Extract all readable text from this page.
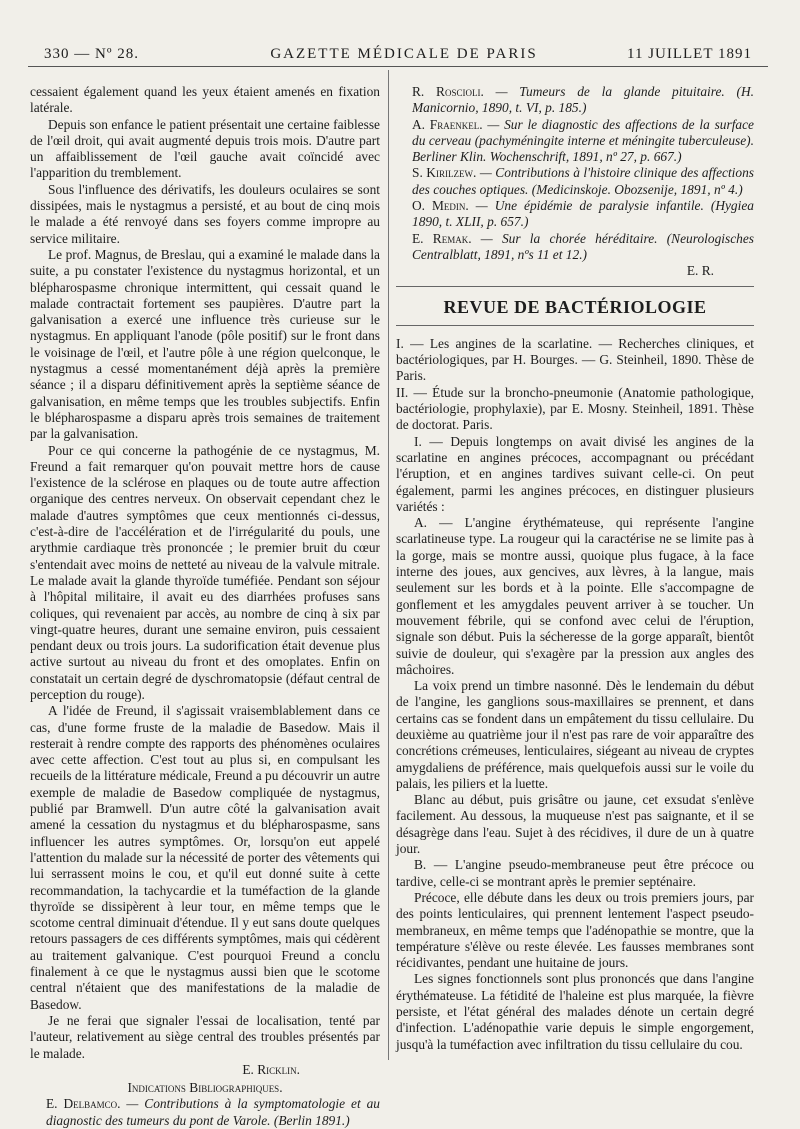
330 — Nº 28.	GAZETTE MÉDICALE DE PARIS	11 JUILLET 1891

cessaient également quand les yeux étaient amenés en fixation latérale.

Depuis son enfance le patient présentait une certaine faiblesse de l'œil droit, qui avait augmenté depuis trois mois. D'autre part un affaiblissement de l'œil gauche avait coïncidé avec l'apparition du tremblement.

Sous l'influence des dérivatifs, les douleurs oculaires se sont dissipées, mais le nystagmus a persisté, et au bout de cinq mois le malade a été renvoyé dans ses foyers comme impropre au service militaire.

Le prof. Magnus, de Breslau, qui a examiné le malade dans la suite, a pu constater l'existence du nystagmus horizontal, et un blépharospasme chronique intermittent, qui cessait quand le malade contractait fortement ses paupières. D'autre part la galvanisation a exercé une influence très curieuse sur le nystagmus. En appliquant l'anode (pôle positif) sur le front dans le voisinage de l'œil, et l'autre pôle à une région quelconque, le nystagmus a cessé momentanément déjà après la première séance ; il a disparu définitivement après la septième séance de galvanisation, en même temps que les troubles subjectifs. Enfin le blépharospasme a disparu après trois semaines de traitement par la galvanisation.

Pour ce qui concerne la pathogénie de ce nystagmus, M. Freund a fait remarquer qu'on pouvait mettre hors de cause l'existence de la sclérose en plaques ou de toute autre affection organique des centres nerveux. On observait cependant chez le malade d'autres symptômes que ceux mentionnés ci-dessus, c'est-à-dire de l'accélération et de l'irrégularité du pouls, une arythmie cardiaque très prononcée ; le premier bruit du cœur s'entendait avec moins de netteté au niveau de la valvule mitrale. Le malade avait la glande thyroïde tuméfiée. Pendant son séjour à l'hôpital militaire, il avait eu des diarrhées profuses sans coliques, qui revenaient par accès, au nombre de cinq à six par vingt-quatre heures, durant une semaine environ, puis cessaient pendant deux ou trois jours. La sudorification était devenue plus active surtout au niveau du front et des omoplates. Enfin on constatait un certain degré de dyschromatopsie (défaut central de perception du rouge).

A l'idée de Freund, il s'agissait vraisemblablement dans ce cas, d'une forme fruste de la maladie de Basedow. Mais il resterait à rendre compte des rapports des phénomènes oculaires avec cette affection. C'est tout au plus si, en compulsant les recueils de la littérature médicale, Freund a pu découvrir un autre exemple de maladie de Basedow compliquée de nystagmus, publié par Bramwell. D'un autre côté la galvanisation avait amené la cessation du nystagmus et du blépharospasme, sans influencer les autres symptômes. Or, lorsqu'on eut appelé l'attention du malade sur la nécessité de porter des vêtements qui lui serrassent moins le cou, et qu'il eut donné suite à cette recommandation, la tachycardie et la tuméfaction de la glande thyroïde se dissipèrent à leur tour, en même temps que le scotome central diminuait d'étendue. Il y eut sans doute quelques retours passagers de ces différents symptômes, mais qui cédèrent au traitement galvanique. C'est pourquoi Freund a conclu finalement à ce que le nystagmus aussi bien que le scotome central n'étaient que des manifestations de la maladie de Basedow.

Je ne ferai que signaler l'essai de localisation, tenté par l'auteur, relativement au siège central des troubles présentés par le malade.

E. Ricklin.

Indications Bibliographiques.

E. Delbamco. — Contributions à la symptomatologie et au diagnostic des tumeurs du pont de Varole. (Berlin 1891.)

R. Roscioli. — Tumeurs de la glande pituitaire. (H. Manicornio, 1890, t. VI, p. 185.)

A. Fraenkel. — Sur le diagnostic des affections de la surface du cerveau (pachyméningite interne et méningite tuberculeuse). Berliner Klin. Wochenschrift, 1891, nº 27, p. 667.)

S. Kirilzew. — Contributions à l'histoire clinique des affections des couches optiques. (Medicinskoje. Obozsenije, 1891, nº 4.)

O. Medin. — Une épidémie de paralysie infantile. (Hygiea 1890, t. XLII, p. 657.)

E. Remak. — Sur la chorée héréditaire. (Neurologisches Centralblatt, 1891, nºs 11 et 12.)

E. R.

REVUE DE BACTÉRIOLOGIE

I. — Les angines de la scarlatine. — Recherches cliniques, et bactériologiques, par H. Bourges. — G. Steinheil, 1890. Thèse de Paris.

II. — Étude sur la broncho-pneumonie (Anatomie pathologique, bactériologie, prophylaxie), par E. Mosny. Steinheil, 1891. Thèse de doctorat. Paris.

I. — Depuis longtemps on avait divisé les angines de la scarlatine en angines précoces, accompagnant ou précédant l'éruption, et en angines tardives suivant celle-ci. On peut également, parmi les angines précoces, en distinguer plusieurs variétés :

A. — L'angine érythémateuse, qui représente l'angine scarlatineuse type. La rougeur qui la caractérise ne se limite pas à la gorge, mais se montre aussi, quoique plus fugace, à la face interne des joues, aux gencives, aux lèvres, à la langue, mais seulement sur les bords et à la pointe. Elle s'accompagne de gonflement et les amygdales peuvent arriver à se toucher. Un mouvement fébrile, qui se confond avec celui de l'éruption, signale son début. Puis la sécheresse de la gorge apparaît, bientôt suivie de douleur, qui s'exagère par la pression aux angles des mâchoires.

La voix prend un timbre nasonné. Dès le lendemain du début de l'angine, les ganglions sous-maxillaires se prennent, et dans certains cas se fondent dans un empâtement du tissu cellulaire. Du deuxième au quatrième jour il n'est pas rare de voir apparaître des concrétions crémeuses, lenticulaires, siégeant au niveau de cryptes amygdaliens de préférence, mais quelquefois aussi sur le voile du palais, les piliers et la luette.

Blanc au début, puis grisâtre ou jaune, cet exsudat s'enlève facilement. Au dessous, la muqueuse n'est pas saignante, et il se désagrège dans l'eau. Sujet à des récidives, il dure de un à quatre jour.

B. — L'angine pseudo-membraneuse peut être précoce ou tardive, celle-ci se montrant après le premier septénaire.

Précoce, elle débute dans les deux ou trois premiers jours, par des points lenticulaires, qui prennent lentement l'aspect pseudo-membraneux, en même temps que l'adénopathie se montre, que la température s'élève ou reste élevée. Les fausses membranes sont récidivantes, pendant une huitaine de jours.

Les signes fonctionnels sont plus prononcés que dans l'angine érythémateuse. La fétidité de l'haleine est plus marquée, la fièvre persiste, et l'état général des malades dénote un certain degré d'infection. L'adénopathie varie depuis le simple engorgement, jusqu'à la tuméfaction avec infiltration du tissu cellulaire du cou.
